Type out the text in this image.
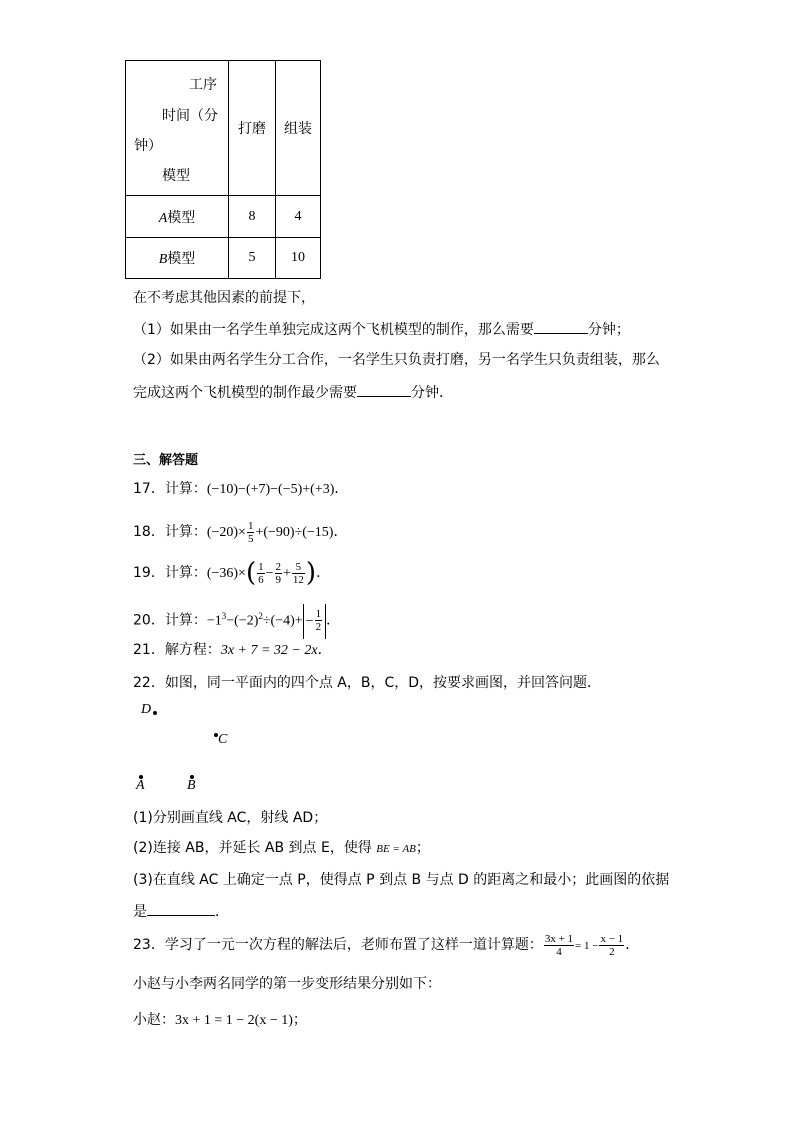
工序
时间（分
钟）
模型	打磨	组装
A模型	8	4
B模型	5	10
在不考虑其他因素的前提下，
（1）如果由一名学生单独完成这两个飞机模型的制作，那么需要	分钟；
（2）如果由两名学生分工合作，一名学生只负责打磨，另一名学生只负责组装，那么
完成这两个飞机模型的制作最少需要	分钟．
三、解答题
17．计算：(−10)−(+7)−(−5)+(+3)．
18．计算：$(-20)\times \frac{1}{5} +(-90)\div(-15)$．
19．计算：$(-36)\times( \frac{1}{6} - \frac{2}{9} + \frac{5}{12}$ )．
20．计算：$-1^3-(-2)^2\div(-4)+ - \frac{1}{2}$ ．
21．解方程：3x + 7 = 32 − 2x．
22．如图，同一平面内的四个点 A，B，C，D，按要求画图，并回答问题．
D
C
A	B
(1)分别画直线 AC，射线 AD；
(2)连接 AB，并延长 AB 到点 E，使得 BE = AB；
(3)在直线 AC 上确定一点 P，使得点 P 到点 B 与点 D 的距离之和最小；此画图的依据
是	．
23．学习了一元一次方程的解法后，老师布置了这样一道计算题： $\frac{3x + 1}{4} = 1 - \frac{x - 1}{2}$ ．
小赵与小李两名同学的第一步变形结果分别如下：
小赵：3x + 1 = 1 − 2(x − 1)；
